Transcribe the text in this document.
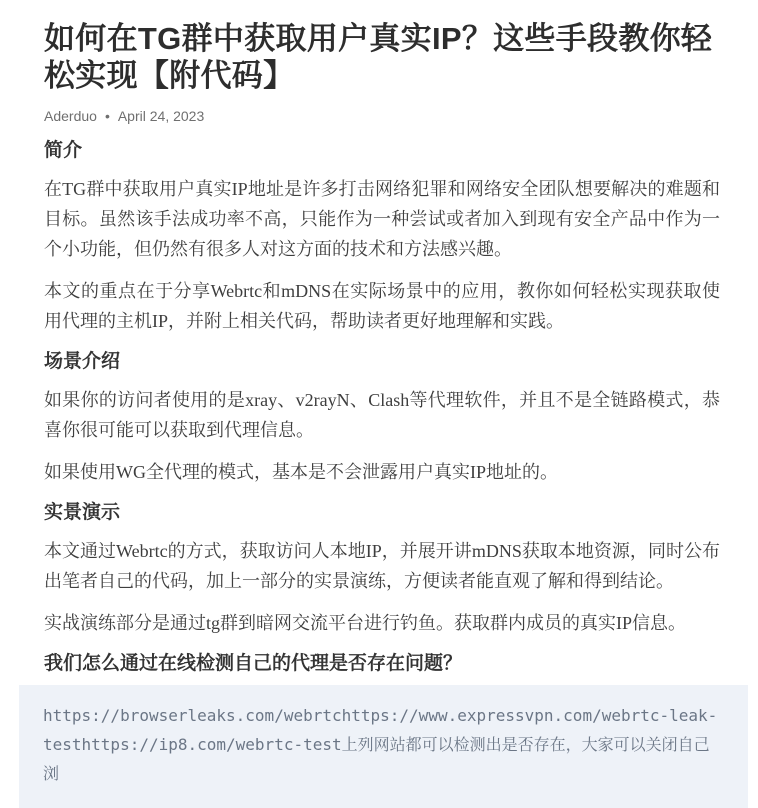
如何在TG群中获取用户真实IP？这些手段教你轻松实现【附代码】
Aderduo • April 24, 2023
简介

在TG群中获取用户真实IP地址是许多打击网络犯罪和网络安全团队想要解决的难题和目标。虽然该手法成功率不高，只能作为一种尝试或者加入到现有安全产品中作为一个小功能，但仍然有很多人对这方面的技术和方法感兴趣。

本文的重点在于分享Webrtc和mDNS在实际场景中的应用，教你如何轻松实现获取使用代理的主机IP，并附上相关代码，帮助读者更好地理解和实践。

场景介绍

如果你的访问者使用的是xray、v2rayN、Clash等代理软件，并且不是全链路模式，恭喜你很可能可以获取到代理信息。

如果使用WG全代理的模式，基本是不会泄露用户真实IP地址的。

实景演示

本文通过Webrtc的方式，获取访问人本地IP，并展开讲mDNS获取本地资源，同时公布出笔者自己的代码，加上一部分的实景演练，方便读者能直观了解和得到结论。

实战演练部分是通过tg群到暗网交流平台进行钓鱼。获取群内成员的真实IP信息。

我们怎么通过在线检测自己的代理是否存在问题？
https://browserleaks.com/webrtchttps://www.expressvpn.com/webrtc-leak-testhttps://ip8.com/webrtc-test上列网站都可以检测出是否存在，大家可以关闭自己浏
